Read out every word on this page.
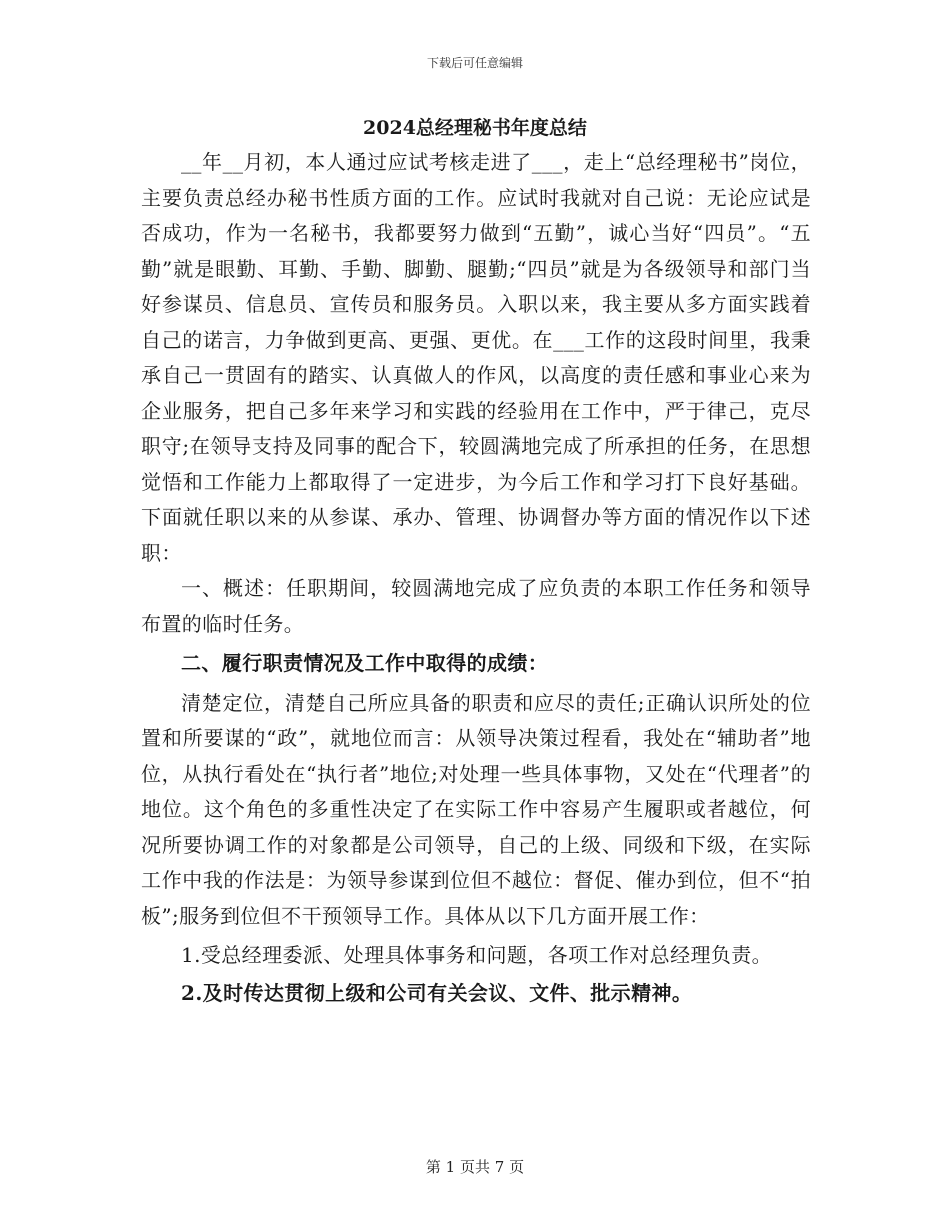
下载后可任意编辑
2024总经理秘书年度总结

__年__月初，本人通过应试考核走进了___，走上“总经理秘书”岗位，主要负责总经办秘书性质方面的工作。应试时我就对自己说：无论应试是否成功，作为一名秘书，我都要努力做到“五勤”，诚心当好“四员”。“五勤”就是眼勤、耳勤、手勤、脚勤、腿勤;“四员”就是为各级领导和部门当好参谋员、信息员、宣传员和服务员。入职以来，我主要从多方面实践着自己的诺言，力争做到更高、更强、更优。在___工作的这段时间里，我秉承自己一贯固有的踏实、认真做人的作风，以高度的责任感和事业心来为企业服务，把自己多年来学习和实践的经验用在工作中，严于律己，克尽职守;在领导支持及同事的配合下，较圆满地完成了所承担的任务，在思想觉悟和工作能力上都取得了一定进步，为今后工作和学习打下良好基础。下面就任职以来的从参谋、承办、管理、协调督办等方面的情况作以下述职：

一、概述：任职期间，较圆满地完成了应负责的本职工作任务和领导布置的临时任务。

二、履行职责情况及工作中取得的成绩：

清楚定位，清楚自己所应具备的职责和应尽的责任;正确认识所处的位置和所要谋的“政”，就地位而言：从领导决策过程看，我处在“辅助者”地位，从执行看处在“执行者”地位;对处理一些具体事物，又处在“代理者”的地位。这个角色的多重性决定了在实际工作中容易产生履职或者越位，何况所要协调工作的对象都是公司领导，自己的上级、同级和下级，在实际工作中我的作法是：为领导参谋到位但不越位：督促、催办到位，但不“拍板”;服务到位但不干预领导工作。具体从以下几方面开展工作：

1.受总经理委派、处理具体事务和问题，各项工作对总经理负责。

2.及时传达贯彻上级和公司有关会议、文件、批示精神。

第 1 页共 7 页
